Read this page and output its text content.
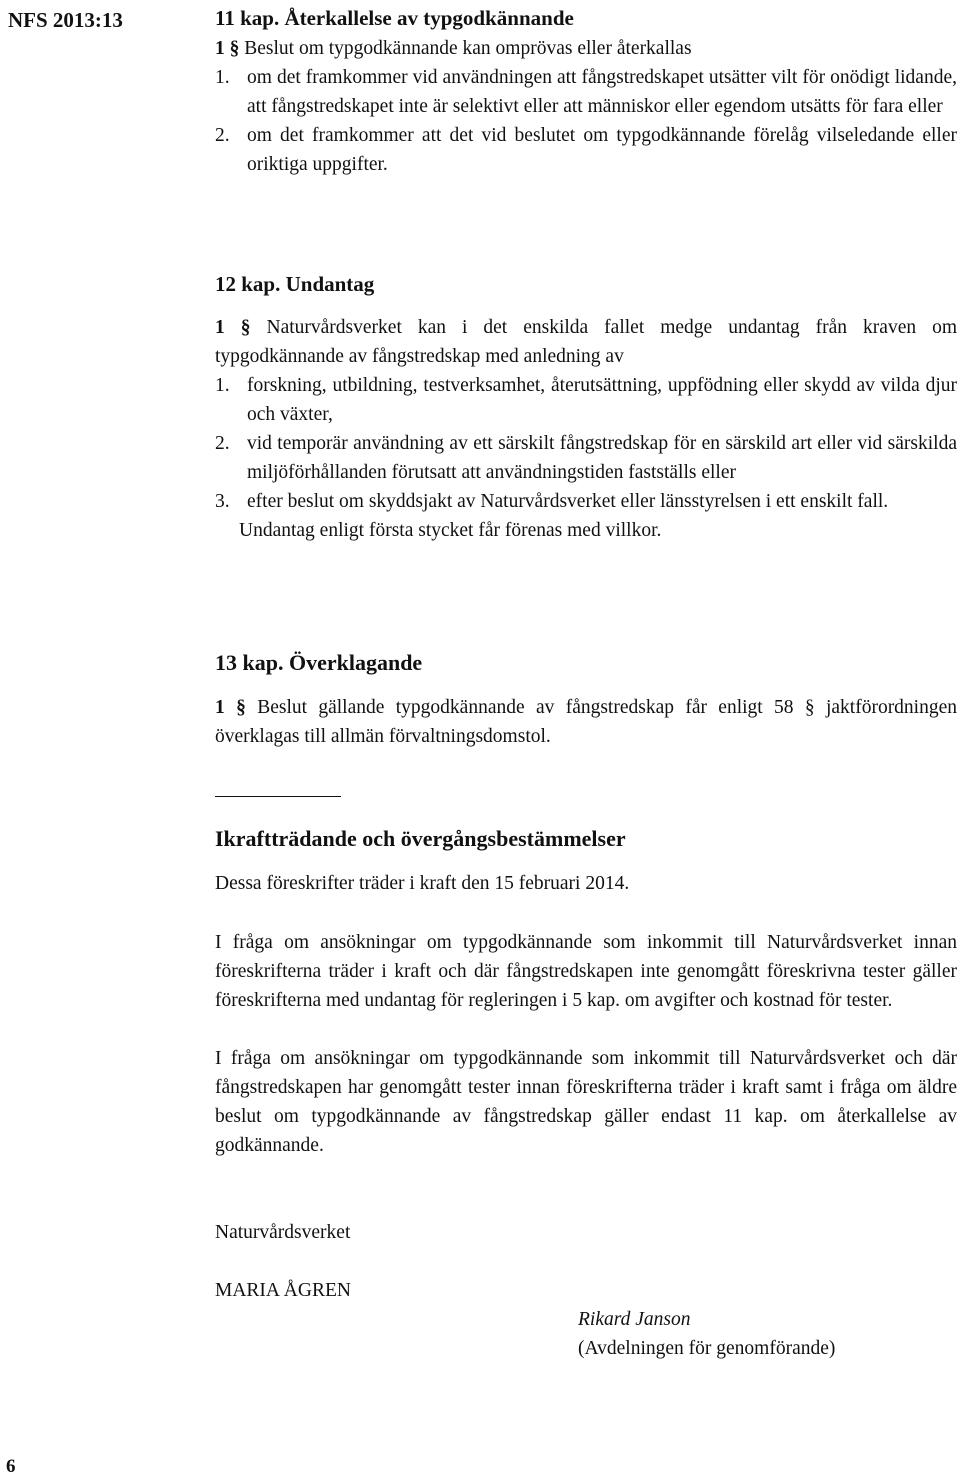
NFS 2013:13	11 kap. Återkallelse av typgodkännande
1 § Beslut om typgodkännande kan omprövas eller återkallas
1. om det framkommer vid användningen att fångstredskapet utsätter vilt för onödigt lidande, att fångstredskapet inte är selektivt eller att människor eller egendom utsätts för fara eller
2. om det framkommer att det vid beslutet om typgodkännande förelåg vilseledande eller oriktiga uppgifter.
12 kap. Undantag
1 § Naturvårdsverket kan i det enskilda fallet medge undantag från kraven om typgodkännande av fångstredskap med anledning av
1. forskning, utbildning, testverksamhet, återutsättning, uppfödning eller skydd av vilda djur och växter,
2. vid temporär användning av ett särskilt fångstredskap för en särskild art eller vid särskilda miljöförhållanden förutsatt att användningstiden fastställs eller
3. efter beslut om skyddsjakt av Naturvårdsverket eller länsstyrelsen i ett enskilt fall.
Undantag enligt första stycket får förenas med villkor.
13 kap. Överklagande
1 § Beslut gällande typgodkännande av fångstredskap får enligt 58 § jaktförordningen överklagas till allmän förvaltningsdomstol.
Ikraftträdande och övergångsbestämmelser
Dessa föreskrifter träder i kraft den 15 februari 2014.
I fråga om ansökningar om typgodkännande som inkommit till Naturvårdsverket innan föreskrifterna träder i kraft och där fångstredskapen inte genomgått föreskrivna tester gäller föreskrifterna med undantag för regleringen i 5 kap. om avgifter och kostnad för tester.
I fråga om ansökningar om typgodkännande som inkommit till Naturvårdsverket och där fångstredskapen har genomgått tester innan föreskrifterna träder i kraft samt i fråga om äldre beslut om typgodkännande av fångstredskap gäller endast 11 kap. om återkallelse av godkännande.
Naturvårdsverket
MARIA ÅGREN
Rikard Janson
(Avdelningen för genomförande)
6
